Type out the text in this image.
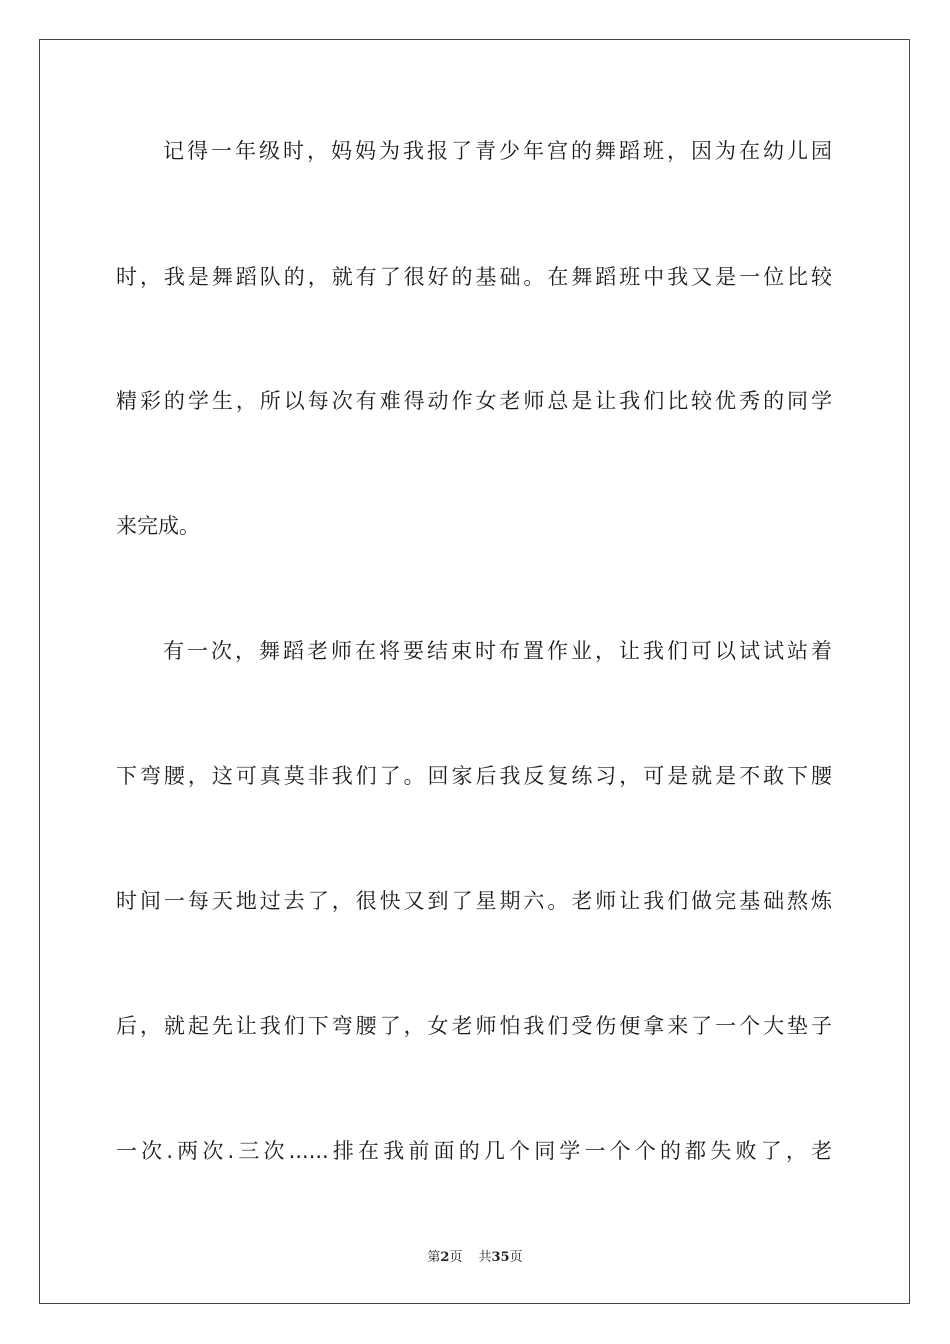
记得一年级时，妈妈为我报了青少年宫的舞蹈班，因为在幼儿园
时，我是舞蹈队的，就有了很好的基础。在舞蹈班中我又是一位比较
精彩的学生，所以每次有难得动作女老师总是让我们比较优秀的同学
来完成。
有一次，舞蹈老师在将要结束时布置作业，让我们可以试试站着
下弯腰，这可真莫非我们了。回家后我反复练习，可是就是不敢下腰
时间一每天地过去了，很快又到了星期六。老师让我们做完基础熬炼
后，就起先让我们下弯腰了，女老师怕我们受伤便拿来了一个大垫子
一次.两次.三次......排在我前面的几个同学一个个的都失败了，老
第2页 共35页
